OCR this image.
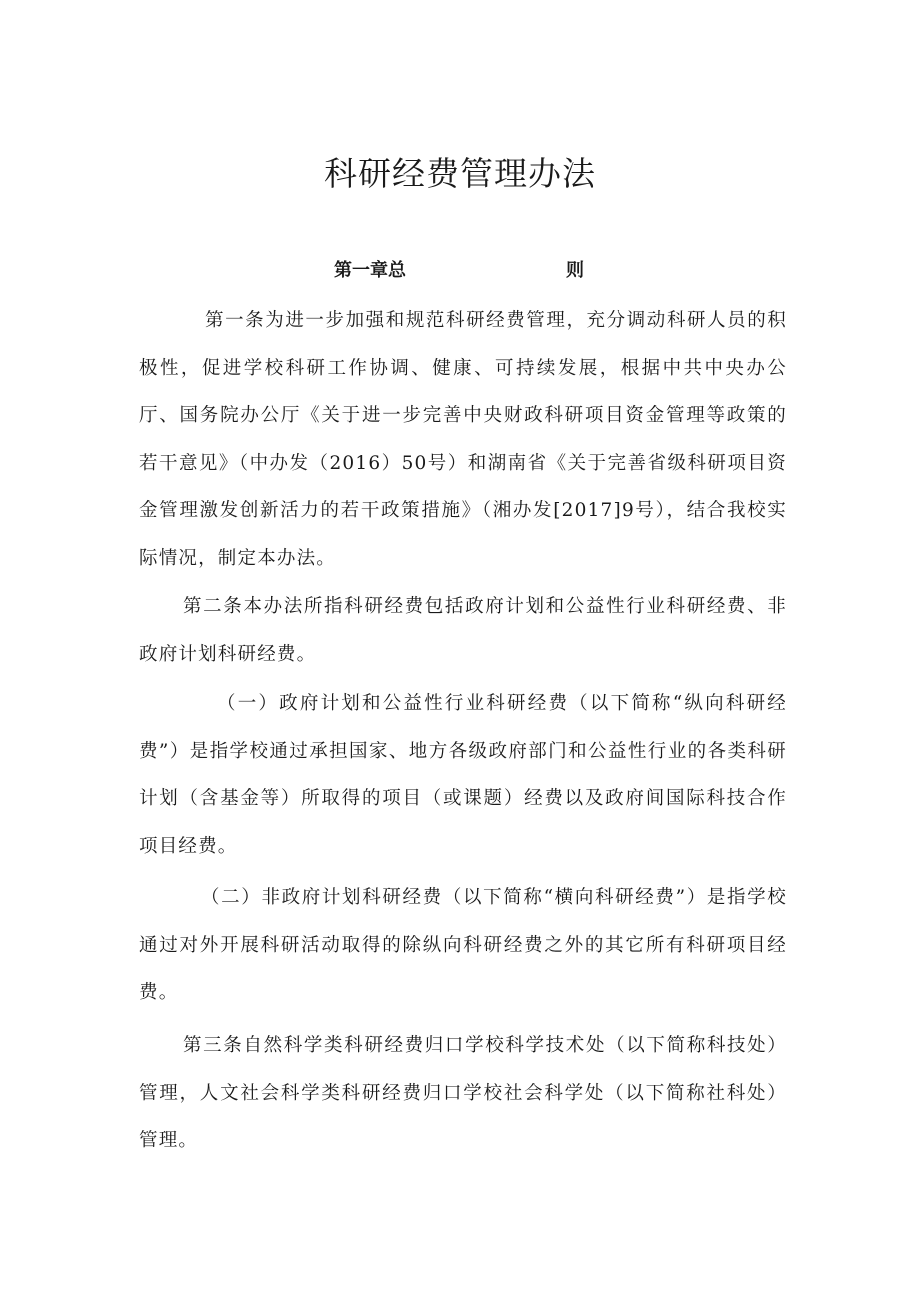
科研经费管理办法
第一章总	则

第一条为进一步加强和规范科研经费管理，充分调动科研人员的积极性，促进学校科研工作协调、健康、可持续发展，根据中共中央办公厅、国务院办公厅《关于进一步完善中央财政科研项目资金管理等政策的若干意见》（中办发（2016）50号）和湖南省《关于完善省级科研项目资金管理激发创新活力的若干政策措施》（湘办发[2017]9号），结合我校实际情况，制定本办法。

第二条本办法所指科研经费包括政府计划和公益性行业科研经费、非政府计划科研经费。

（一）政府计划和公益性行业科研经费（以下简称“纵向科研经费”）是指学校通过承担国家、地方各级政府部门和公益性行业的各类科研计划（含基金等）所取得的项目（或课题）经费以及政府间国际科技合作项目经费。

（二）非政府计划科研经费（以下简称“横向科研经费”）是指学校通过对外开展科研活动取得的除纵向科研经费之外的其它所有科研项目经费。

第三条自然科学类科研经费归口学校科学技术处（以下简称科技处）管理，人文社会科学类科研经费归口学校社会科学处（以下简称社科处）管理。
